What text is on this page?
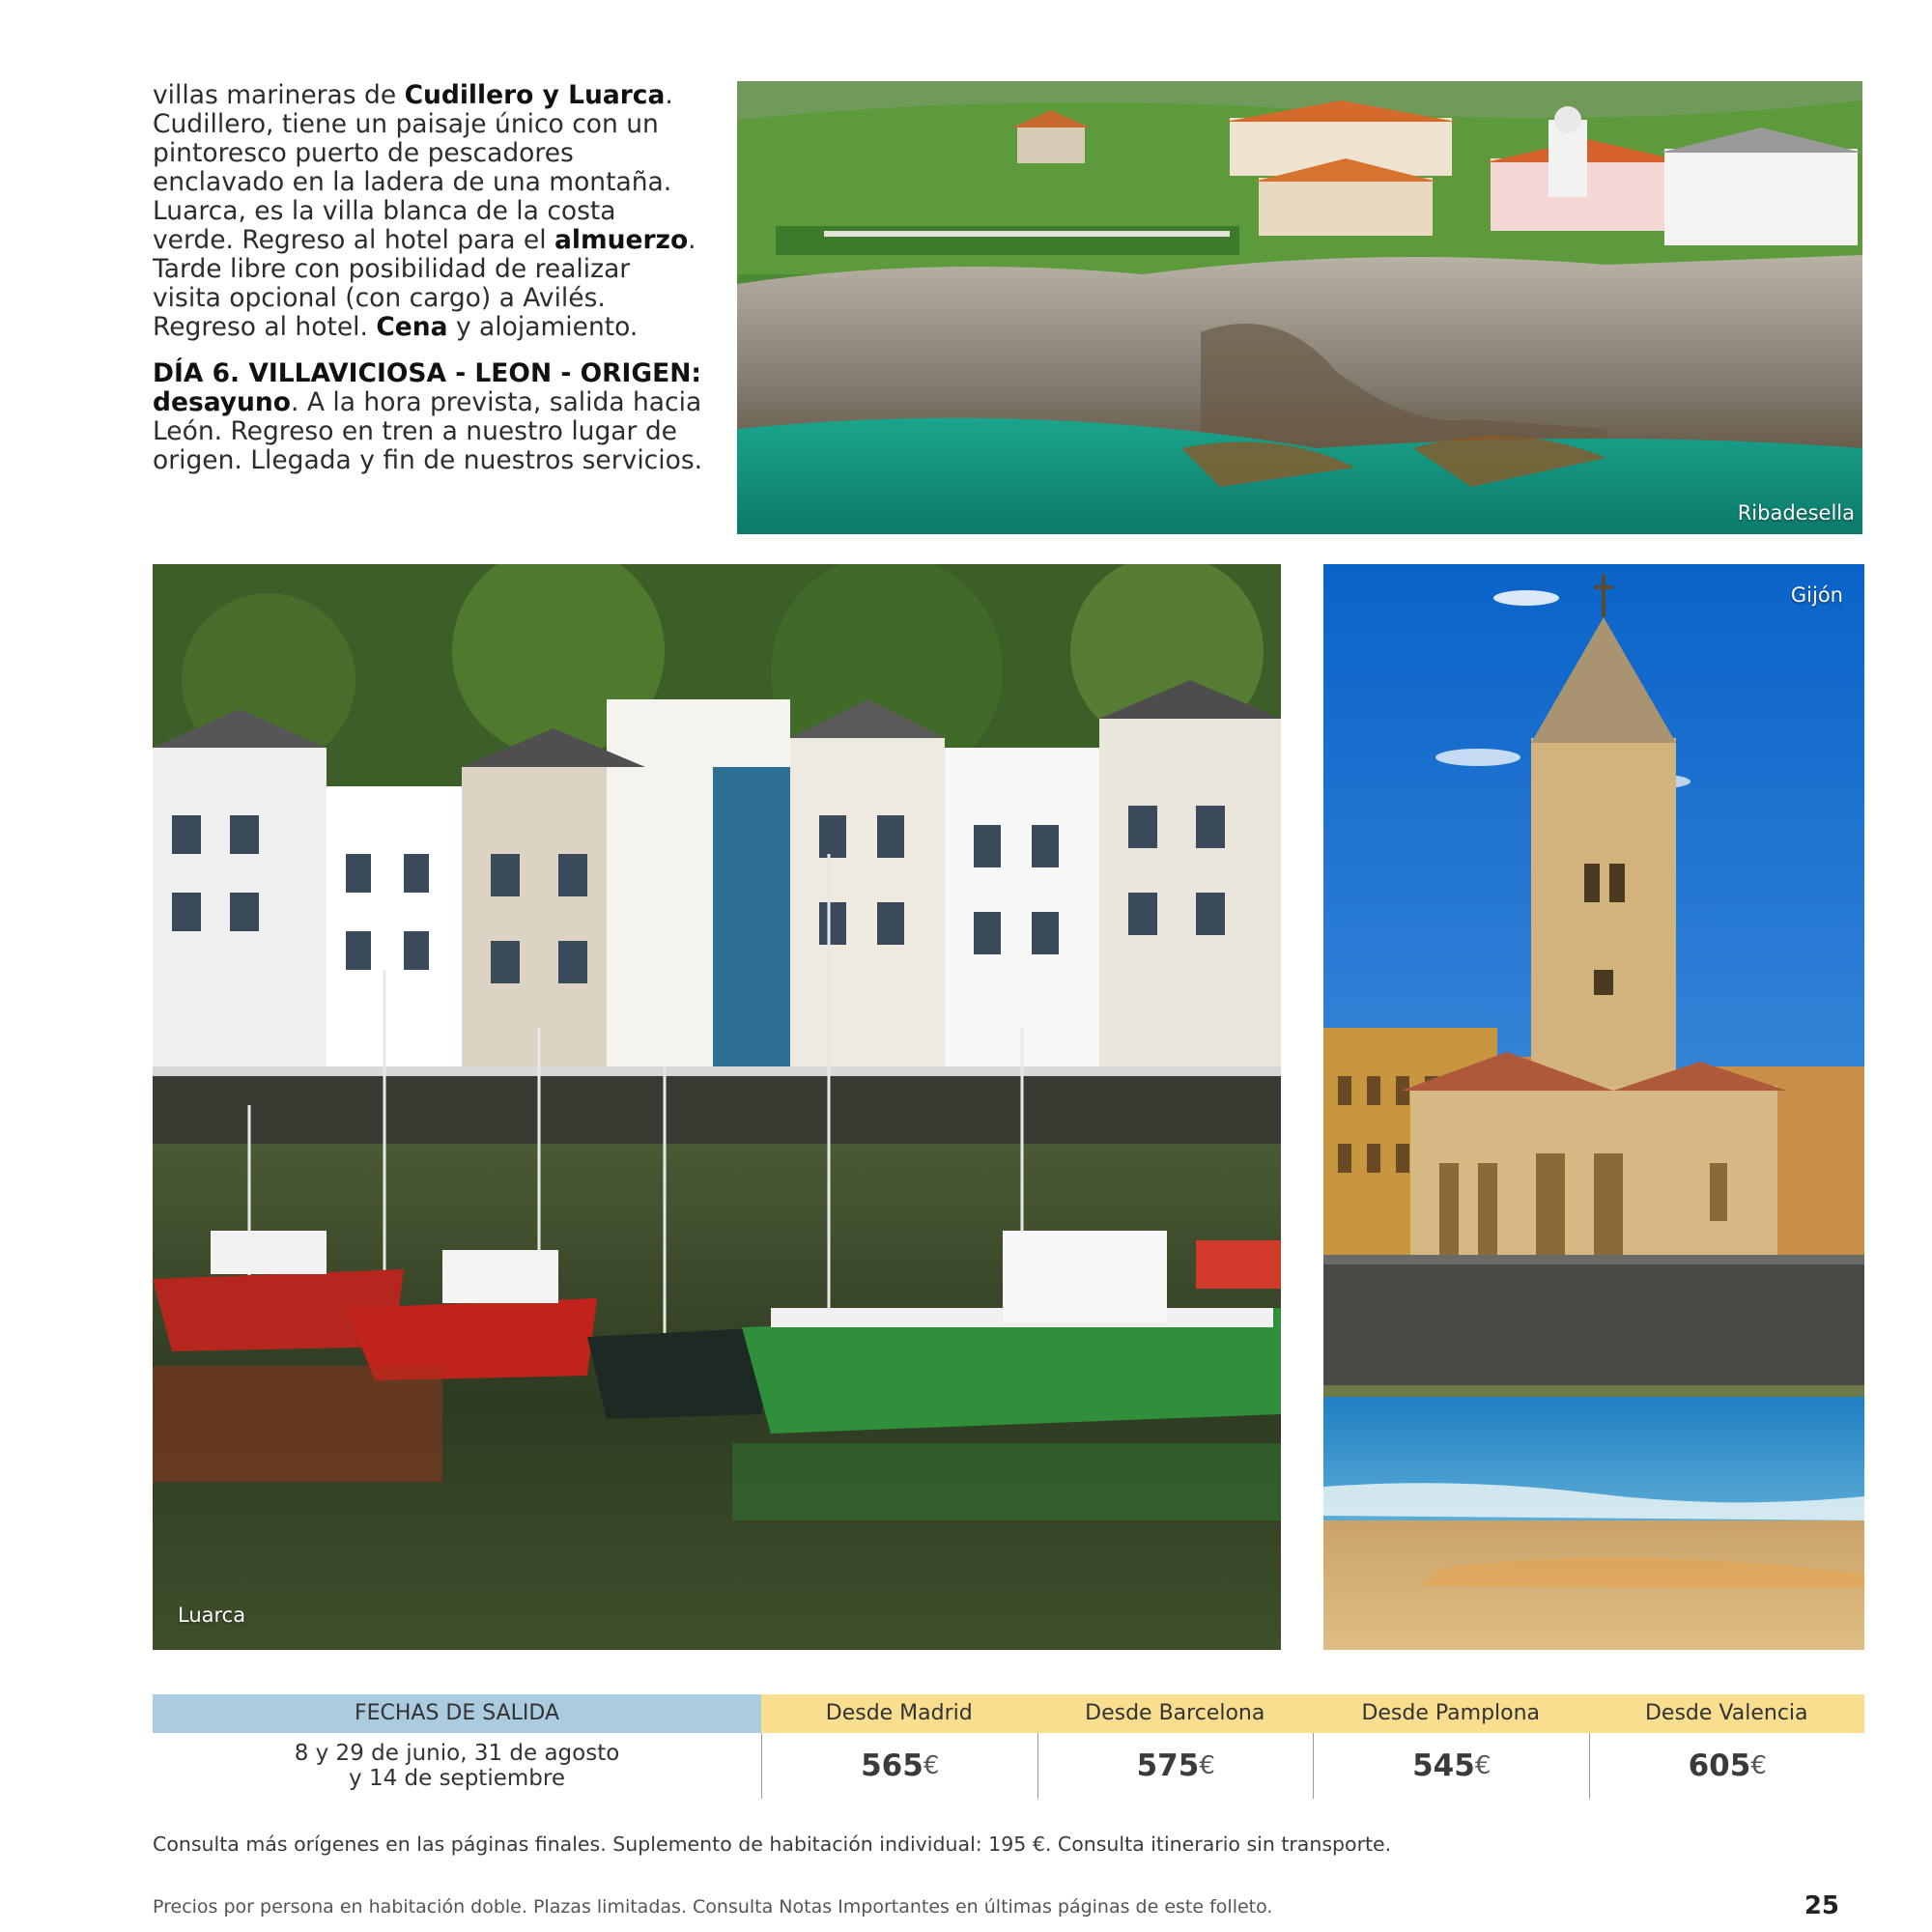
villas marineras de Cudillero y Luarca. Cudillero, tiene un paisaje único con un pintoresco puerto de pescadores enclavado en la ladera de una montaña. Luarca, es la villa blanca de la costa verde. Regreso al hotel para el almuerzo. Tarde libre con posibilidad de realizar visita opcional (con cargo) a Avilés. Regreso al hotel. Cena y alojamiento.

DÍA 6. VILLAVICIOSA - LEON - ORIGEN:
desayuno. A la hora prevista, salida hacia León. Regreso en tren a nuestro lugar de origen. Llegada y fin de nuestros servicios.

Ribadesella
Luarca
Gijón
FECHAS DE SALIDA
8 y 29 de junio, 31 de agosto
y 14 de septiembre
Desde Madrid
565 €
Desde Barcelona
575 €
Desde Pamplona
545 €
Desde Valencia
605 €
Consulta más orígenes en las páginas finales. Suplemento de habitación individual: 195 €. Consulta itinerario sin transporte.
Precios por persona en habitación doble. Plazas limitadas. Consulta Notas Importantes en últimas páginas de este folleto.	25
